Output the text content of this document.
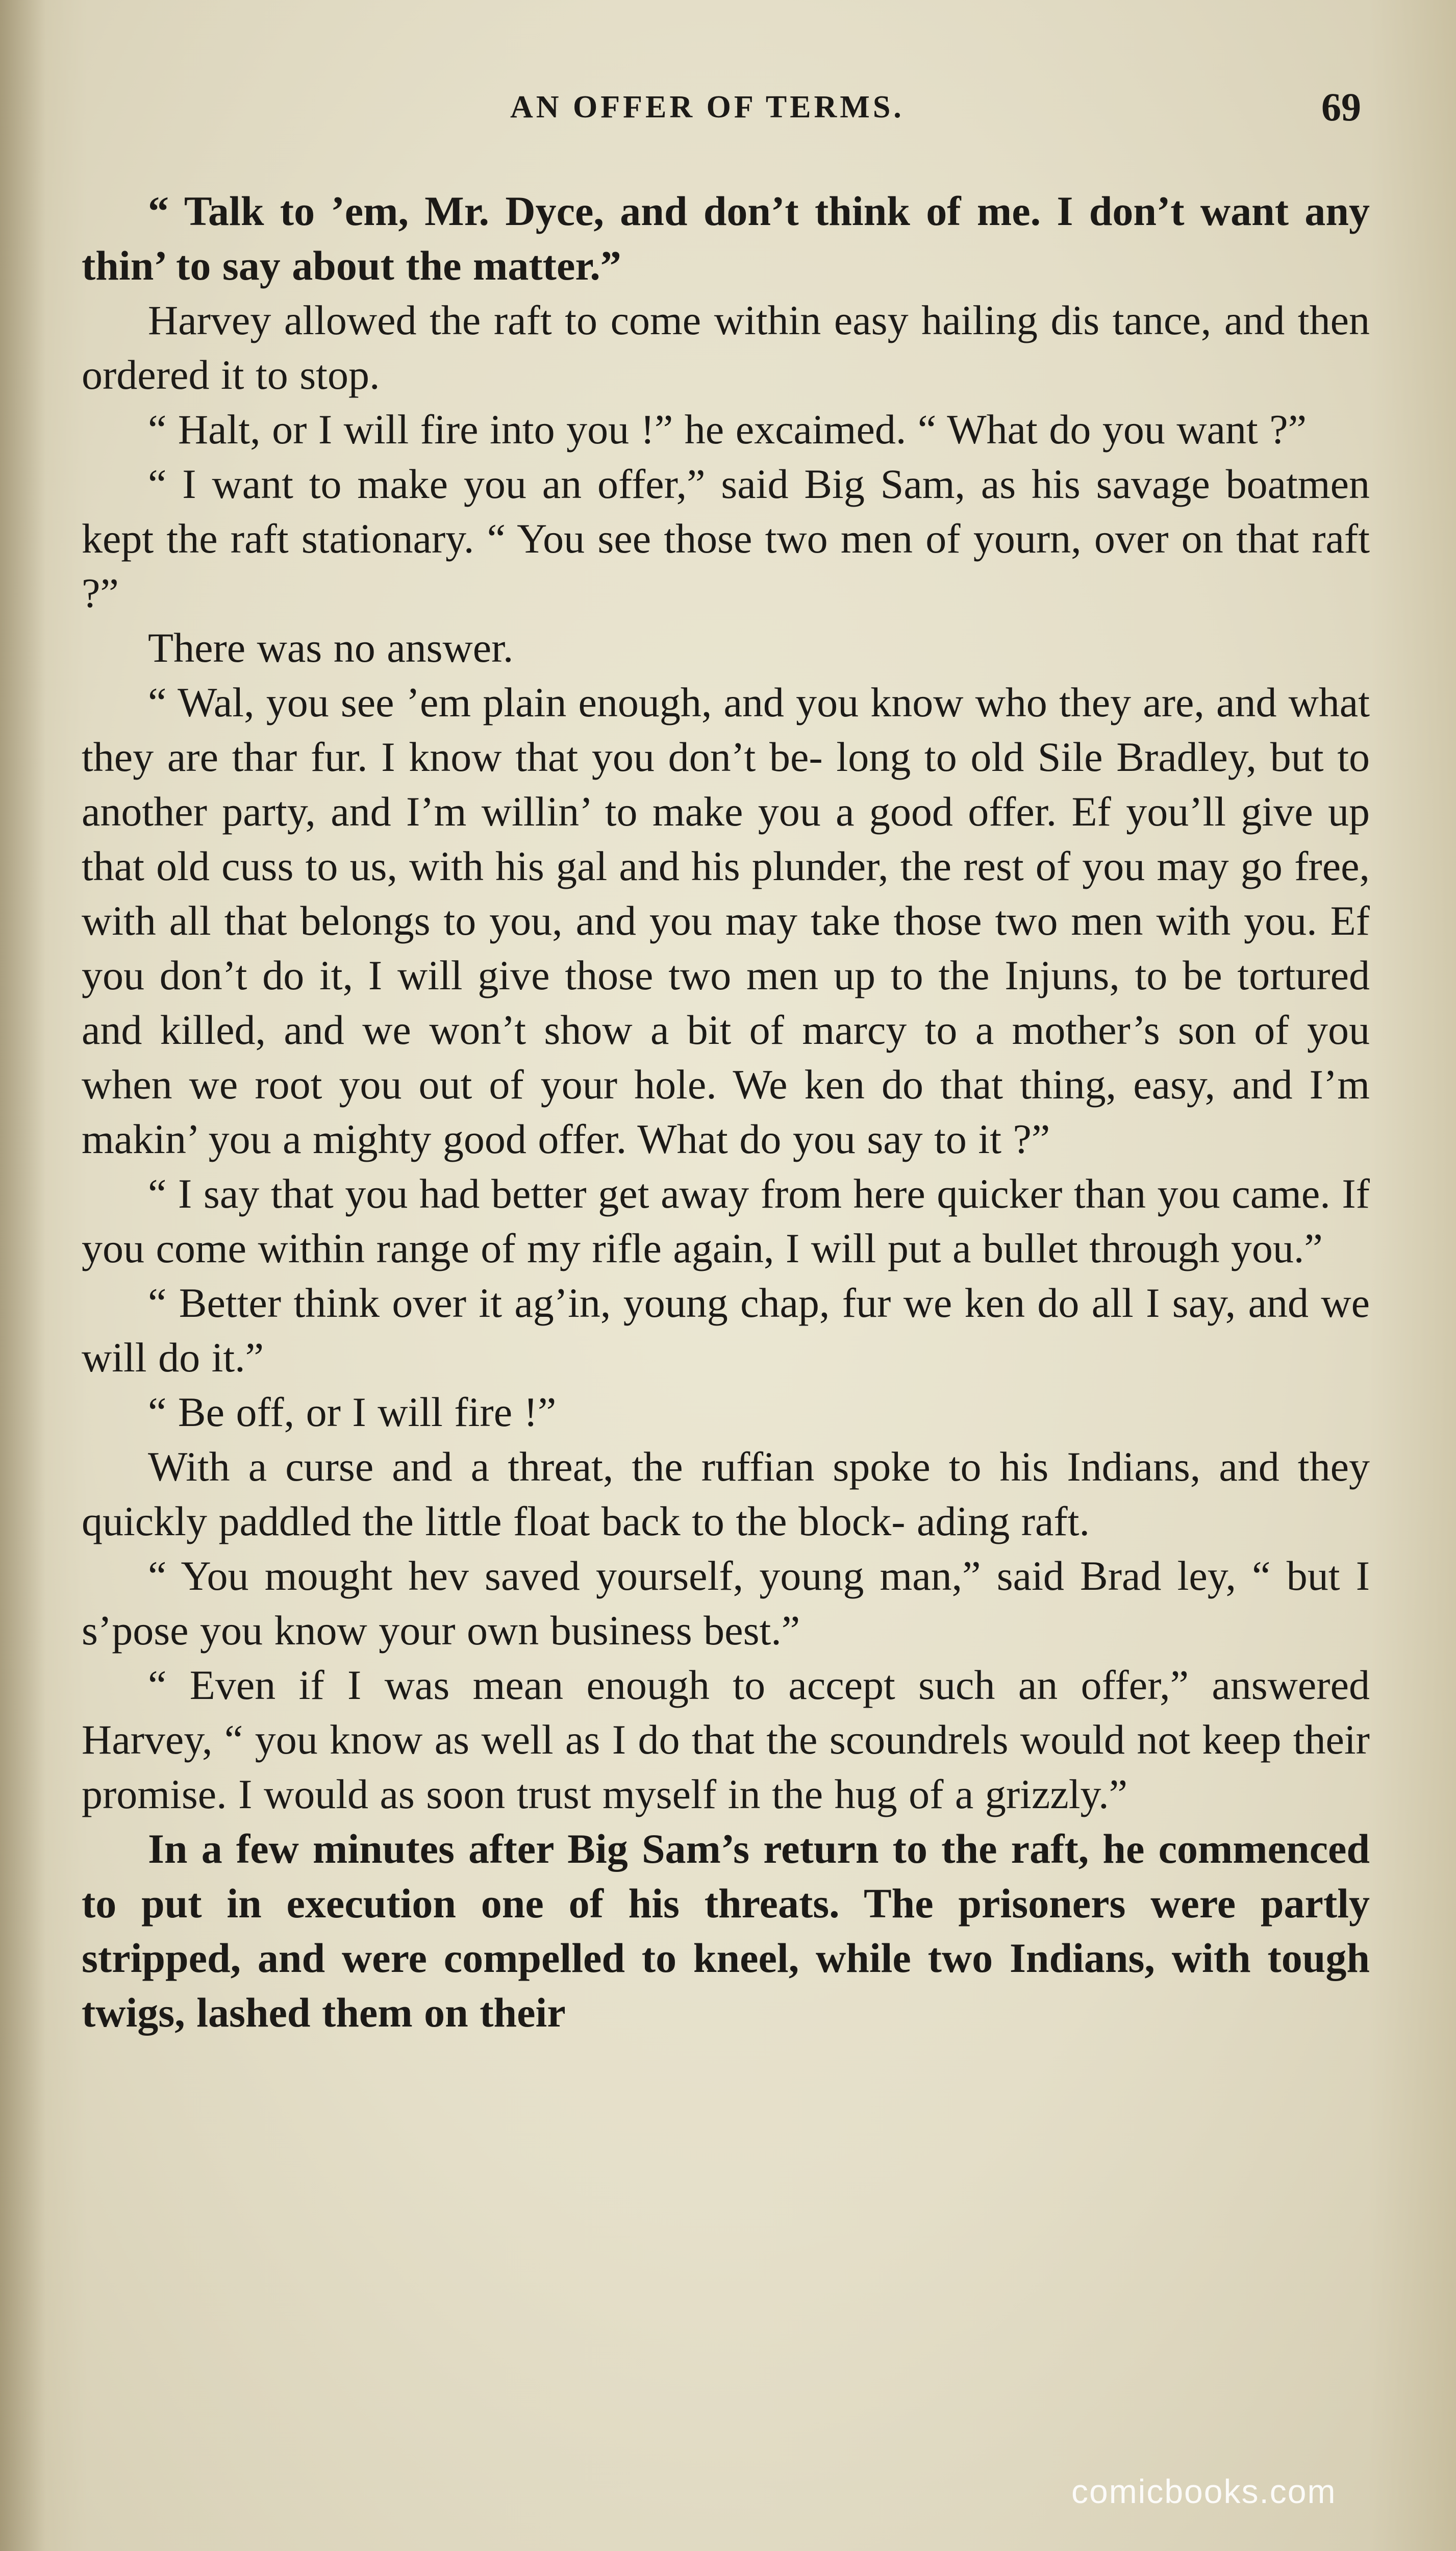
AN OFFER OF TERMS.	69

“ Talk to ’em, Mr. Dyce, and don’t think of me. I don’t want any thin’ to say about the matter.”

Harvey allowed the raft to come within easy hailing dis tance, and then ordered it to stop.

“ Halt, or I will fire into you !” he excaimed. “ What do you want ?”

“ I want to make you an offer,” said Big Sam, as his savage boatmen kept the raft stationary. “ You see those two men of yourn, over on that raft ?”

There was no answer.

“ Wal, you see ’em plain enough, and you know who they are, and what they are thar fur. I know that you don’t be- long to old Sile Bradley, but to another party, and I’m willin’ to make you a good offer. Ef you’ll give up that old cuss to us, with his gal and his plunder, the rest of you may go free, with all that belongs to you, and you may take those two men with you. Ef you don’t do it, I will give those two men up to the Injuns, to be tortured and killed, and we won’t show a bit of marcy to a mother’s son of you when we root you out of your hole. We ken do that thing, easy, and I’m makin’ you a mighty good offer. What do you say to it ?”

“ I say that you had better get away from here quicker than you came. If you come within range of my rifle again, I will put a bullet through you.”

“ Better think over it ag’in, young chap, fur we ken do all I say, and we will do it.”

“ Be off, or I will fire !”

With a curse and a threat, the ruffian spoke to his Indians, and they quickly paddled the little float back to the block- ading raft.

“ You mought hev saved yourself, young man,” said Brad ley, “ but I s’pose you know your own business best.”

“ Even if I was mean enough to accept such an offer,” answered Harvey, “ you know as well as I do that the scoundrels would not keep their promise. I would as soon trust myself in the hug of a grizzly.”

In a few minutes after Big Sam’s return to the raft, he commenced to put in execution one of his threats. The prisoners were partly stripped, and were compelled to kneel, while two Indians, with tough twigs, lashed them on their

comicbooks.com
